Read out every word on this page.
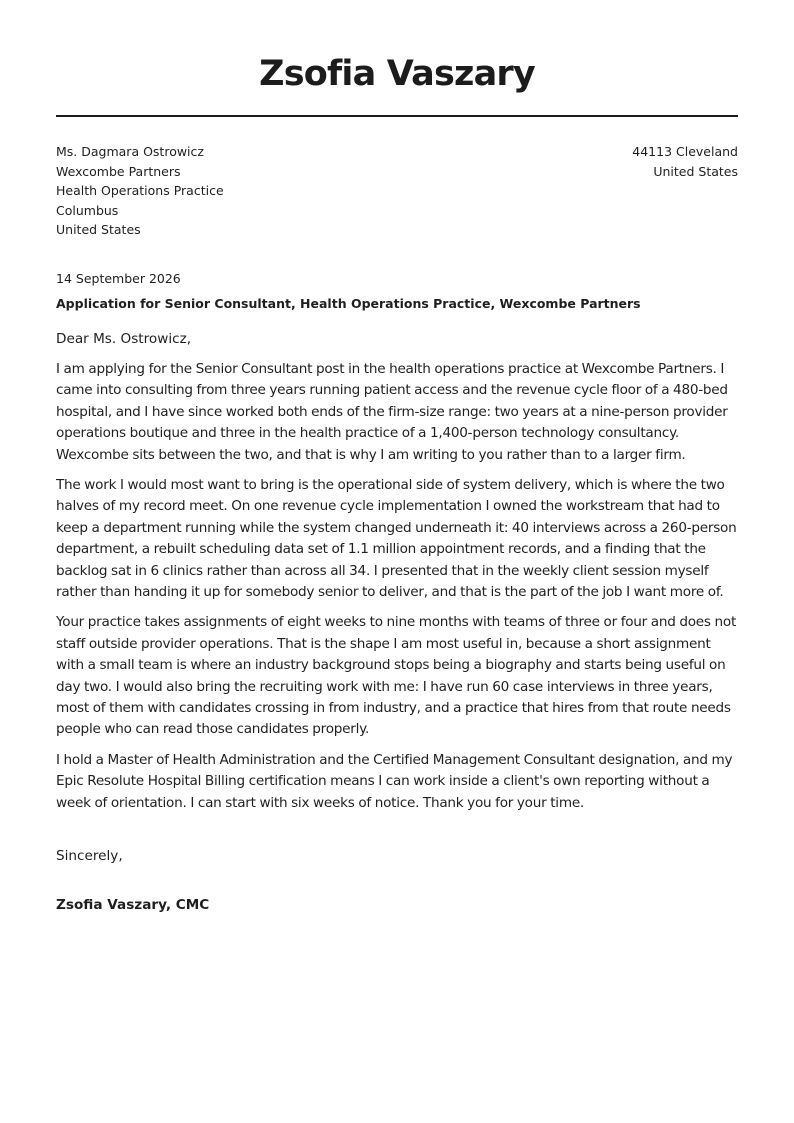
Zsofia Vaszary
Ms. Dagmara Ostrowicz
Wexcombe Partners
Health Operations Practice
Columbus
United States
44113 Cleveland
United States
14 September 2026
Application for Senior Consultant, Health Operations Practice, Wexcombe Partners
Dear Ms. Ostrowicz,

I am applying for the Senior Consultant post in the health operations practice at Wexcombe Partners. I came into consulting from three years running patient access and the revenue cycle floor of a 480-bed hospital, and I have since worked both ends of the firm-size range: two years at a nine-person provider operations boutique and three in the health practice of a 1,400-person technology consultancy. Wexcombe sits between the two, and that is why I am writing to you rather than to a larger firm.

The work I would most want to bring is the operational side of system delivery, which is where the two halves of my record meet. On one revenue cycle implementation I owned the workstream that had to keep a department running while the system changed underneath it: 40 interviews across a 260-person department, a rebuilt scheduling data set of 1.1 million appointment records, and a finding that the backlog sat in 6 clinics rather than across all 34. I presented that in the weekly client session myself rather than handing it up for somebody senior to deliver, and that is the part of the job I want more of.

Your practice takes assignments of eight weeks to nine months with teams of three or four and does not staff outside provider operations. That is the shape I am most useful in, because a short assignment with a small team is where an industry background stops being a biography and starts being useful on day two. I would also bring the recruiting work with me: I have run 60 case interviews in three years, most of them with candidates crossing in from industry, and a practice that hires from that route needs people who can read those candidates properly.

I hold a Master of Health Administration and the Certified Management Consultant designation, and my Epic Resolute Hospital Billing certification means I can work inside a client's own reporting without a week of orientation. I can start with six weeks of notice. Thank you for your time.

Sincerely,
Zsofia Vaszary, CMC
